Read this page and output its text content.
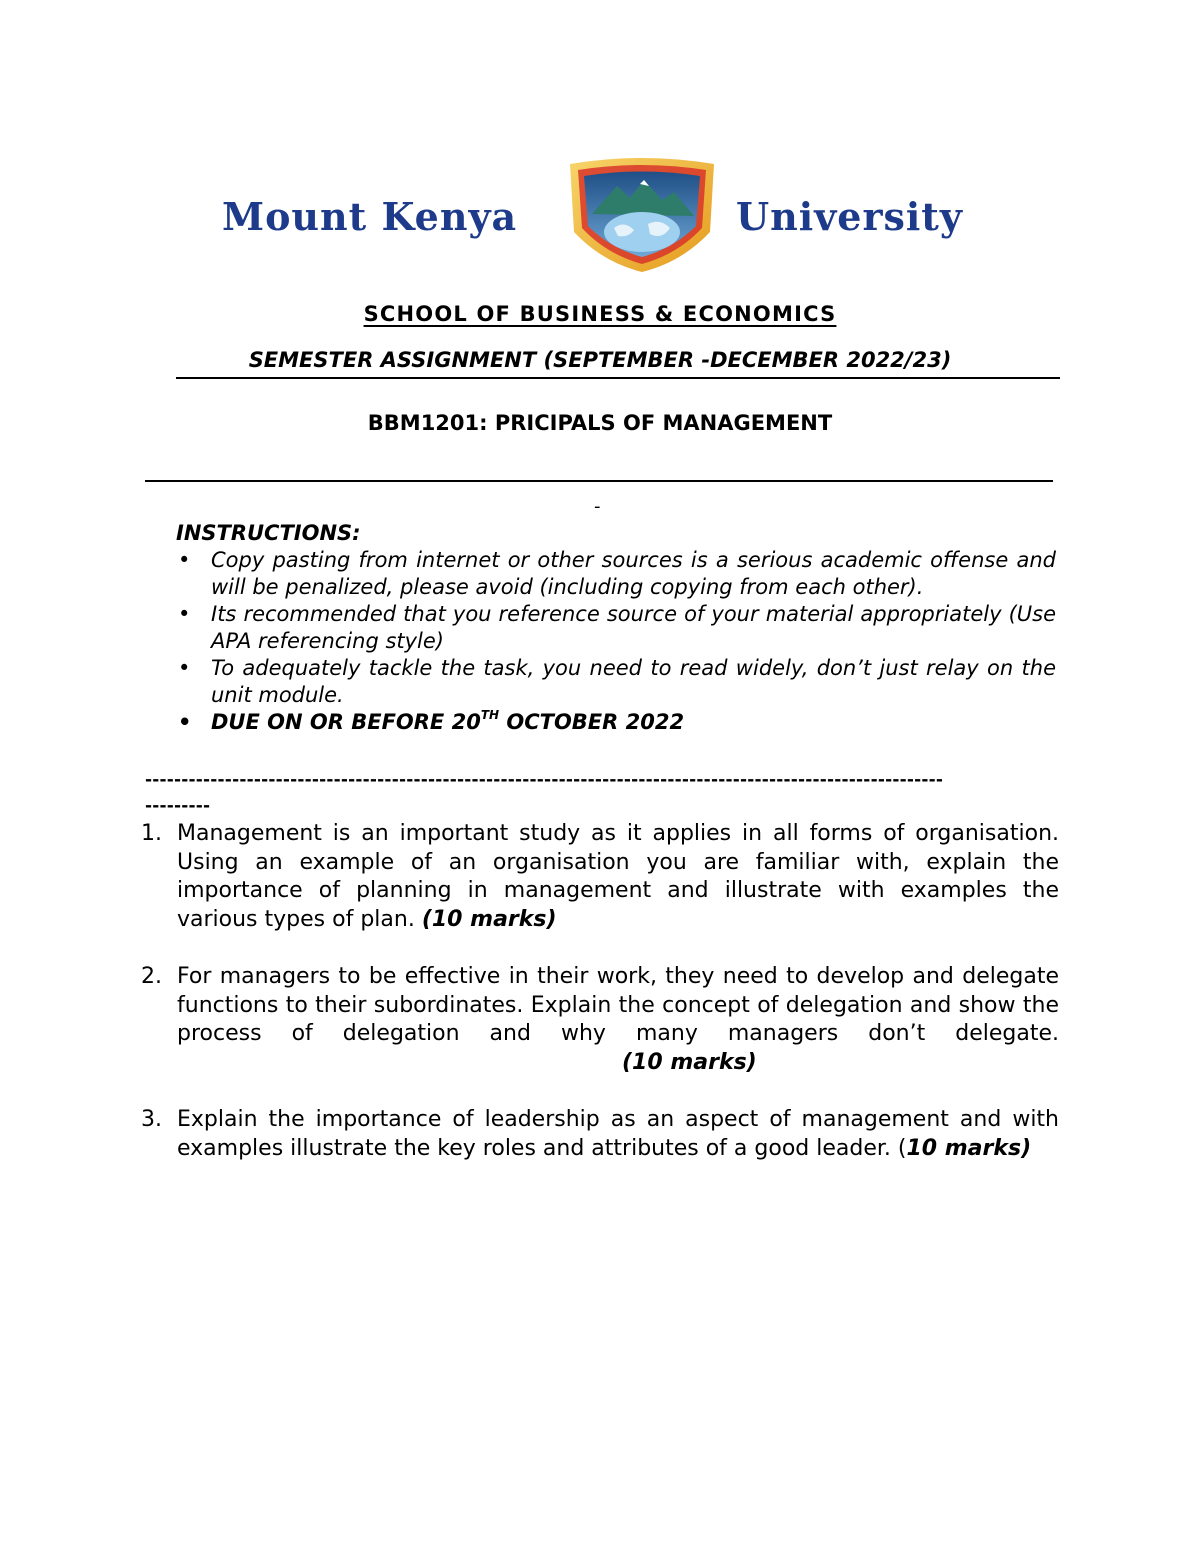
Mount Kenya	University
SCHOOL OF BUSINESS & ECONOMICS
SEMESTER ASSIGNMENT (SEPTEMBER -DECEMBER 2022/23)
BBM1201: PRICIPALS OF MANAGEMENT
-
INSTRUCTIONS:
• Copy pasting from internet or other sources is a serious academic offense and will be penalized, please avoid (including copying from each other).
• Its recommended that you reference source of your material appropriately (Use APA referencing style)
• To adequately tackle the task, you need to read widely, don’t just relay on the unit module.
• DUE ON OR BEFORE 20TH OCTOBER 2022
--------------------------------------------------------------------------------------------------------------
---------
1. Management is an important study as it applies in all forms of organisation. Using an example of an organisation you are familiar with, explain the importance of planning in management and illustrate with examples the various types of plan. (10 marks)
2. For managers to be effective in their work, they need to develop and delegate functions to their subordinates. Explain the concept of delegation and show the process of delegation and why many managers don’t delegate.(10 marks)
3. Explain the importance of leadership as an aspect of management and with examples illustrate the key roles and attributes of a good leader. (10 marks)
